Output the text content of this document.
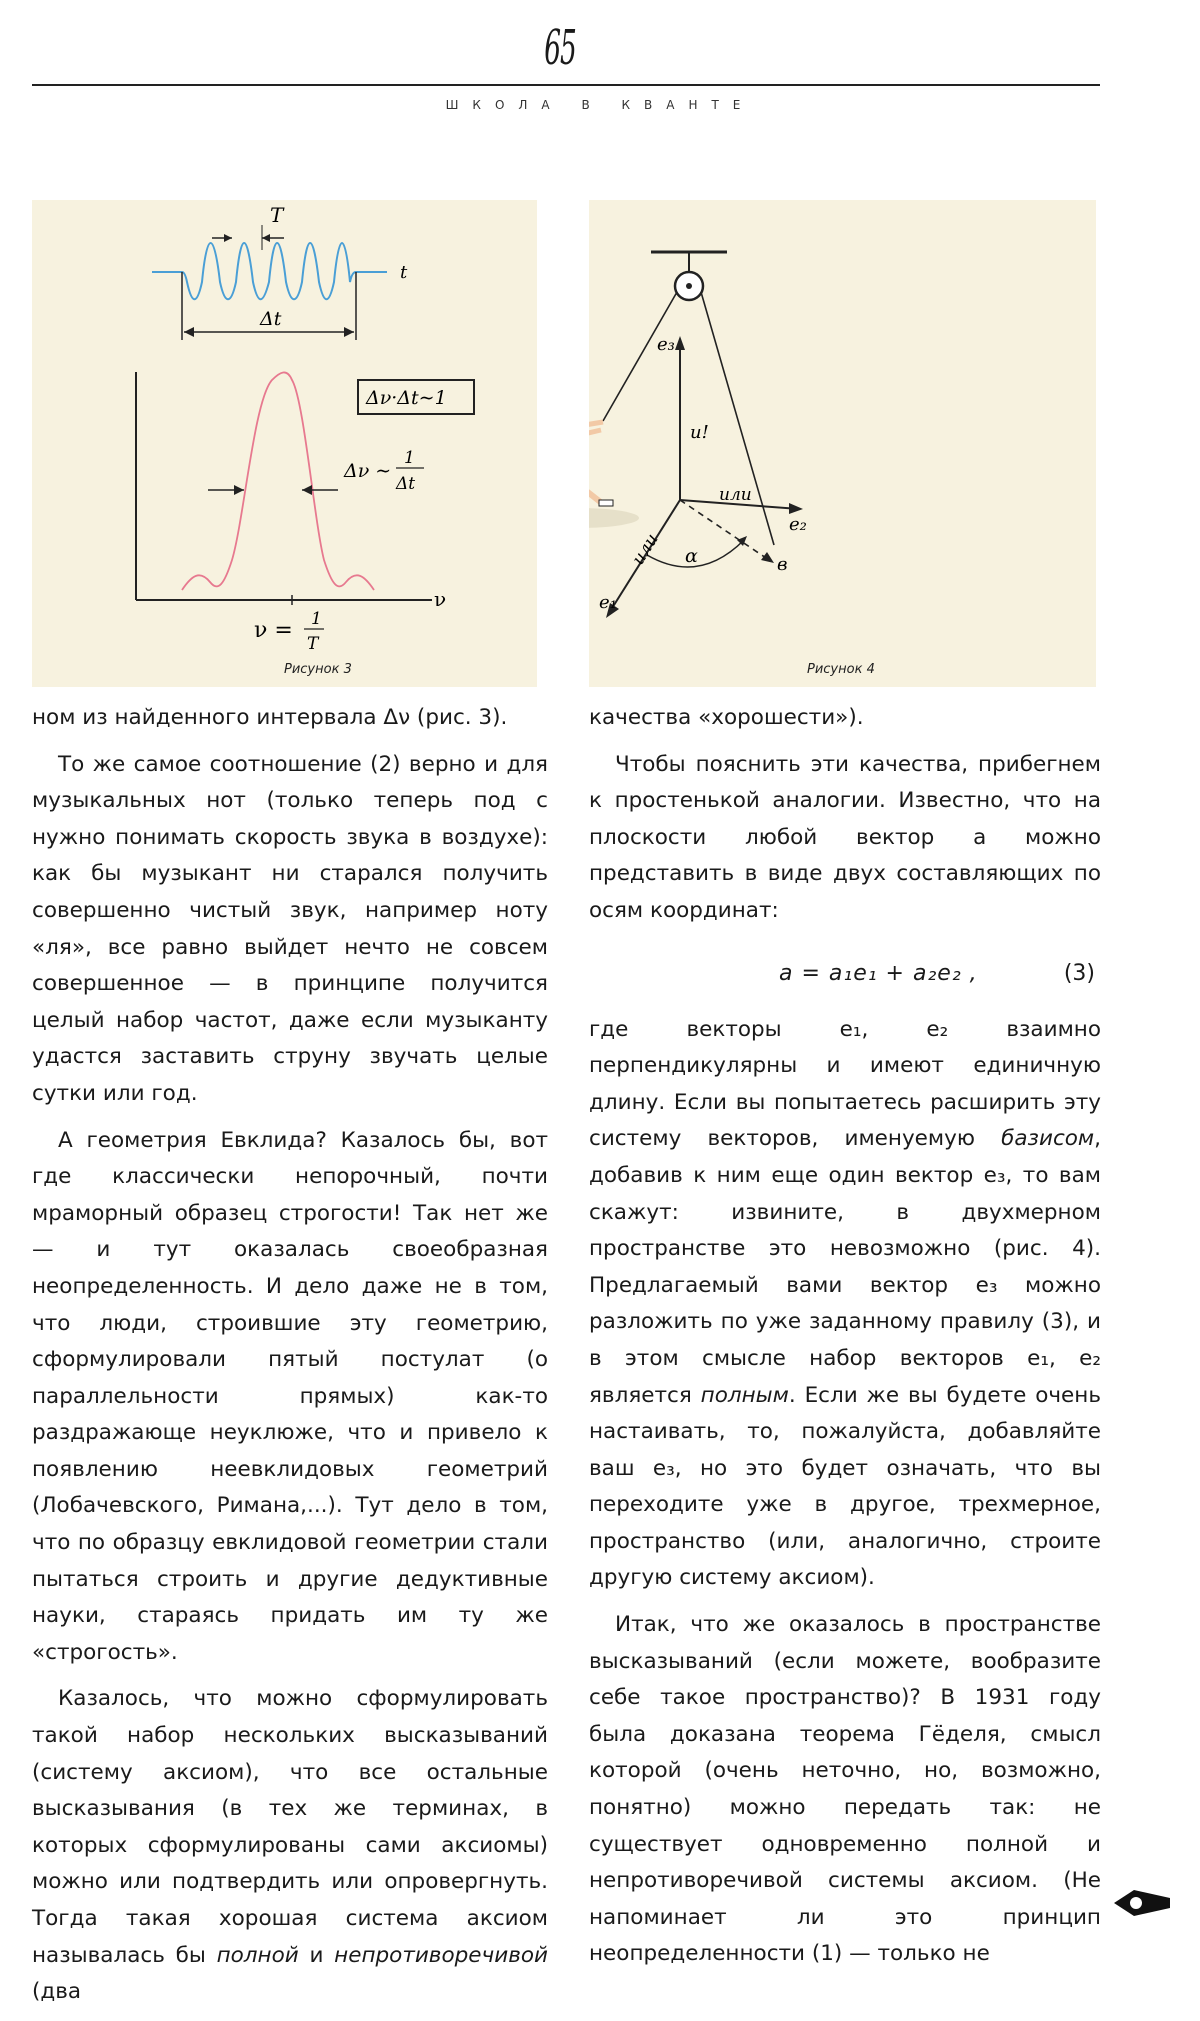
65
ШКОЛА В КВАНТЕ
T
t
Δt
ν
Δν·Δt∼1
Δν ∼
1
Δt
ν = 1
T
Рисунок 3
e₃
u!
или
e₂
или α	в
e₁
Рисунок 4

ном из найденного интервала Δν (рис. 3).

То же самое соотношение (2) верно и для музыкальных нот (только теперь под c нужно понимать скорость звука в воздухе): как бы музыкант ни старался получить совершенно чистый звук, например ноту «ля», все равно выйдет нечто не совсем совершенное — в принципе получится целый набор частот, даже если музыканту удастся заставить струну звучать целые сутки или год.

А геометрия Евклида? Казалось бы, вот где классически непорочный, почти мраморный образец строгости! Так нет же — и тут оказалась своеобразная неопределенность. И дело даже не в том, что люди, строившие эту геометрию, сформулировали пятый постулат (о параллельности прямых) как-то раздражающе неуклюже, что и привело к появлению неевклидовых геометрий (Лобачевского, Римана,...). Тут дело в том, что по образцу евклидовой геометрии стали пытаться строить и другие дедуктивные науки, стараясь придать им ту же «строгость».

Казалось, что можно сформулировать такой набор нескольких высказываний (систему аксиом), что все остальные высказывания (в тех же терминах, в которых сформулированы сами аксиомы) можно или подтвердить или опровергнуть. Тогда такая хорошая система аксиом называлась бы полной и непротиворечивой (два

качества «хорошести»).

Чтобы пояснить эти качества, прибегнем к простенькой аналогии. Известно, что на плоскости любой вектор a можно представить в виде двух составляющих по осям координат:

a = a₁e₁ + a₂e₂ ,	(3)

где векторы e₁, e₂ взаимно перпендикулярны и имеют единичную длину. Если вы попытаетесь расширить эту систему векторов, именуемую базисом, добавив к ним еще один вектор e₃, то вам скажут: извините, в двухмерном пространстве это невозможно (рис. 4). Предлагаемый вами вектор e₃ можно разложить по уже заданному правилу (3), и в этом смысле набор векторов e₁, e₂ является полным. Если же вы будете очень настаивать, то, пожалуйста, добавляйте ваш e₃, но это будет означать, что вы переходите уже в другое, трехмерное, пространство (или, аналогично, строите другую систему аксиом).

Итак, что же оказалось в пространстве высказываний (если можете, вообразите себе такое пространство)? В 1931 году была доказана теорема Гёделя, смысл которой (очень неточно, но, возможно, понятно) можно передать так: не существует одновременно полной и непротиворечивой системы аксиом. (Не напоминает ли это принцип неопределенности (1) — только не
